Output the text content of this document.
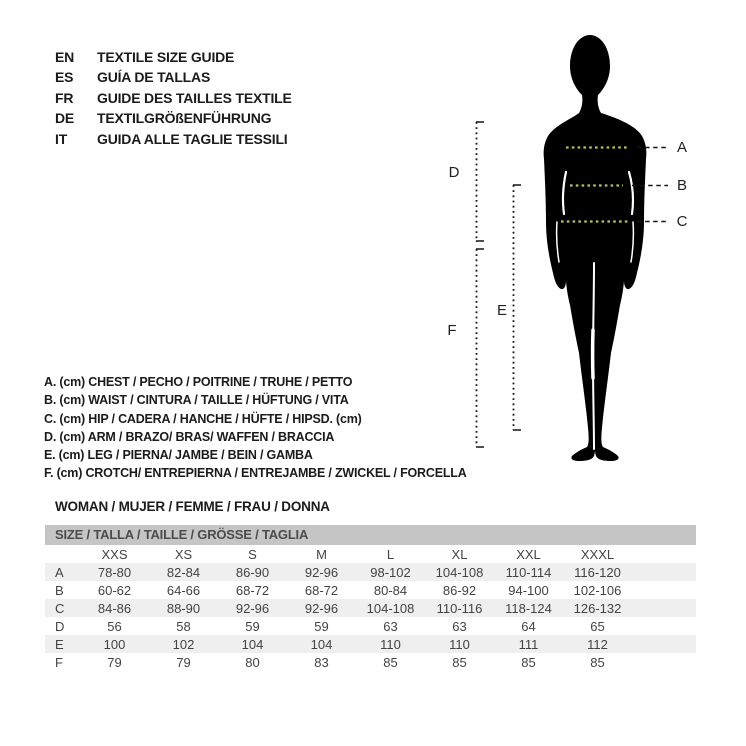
EN	TEXTILE SIZE GUIDE
ES	GUÍA DE TALLAS
FR	GUIDE DES TAILLES TEXTILE
DE	TEXTILGRÖßENFÜHRUNG
IT	GUIDA ALLE TAGLIE TESSILI
A
B
C
D
E
F
A. (cm) CHEST / PECHO / POITRINE / TRUHE / PETTO
B. (cm) WAIST / CINTURA / TAILLE / HÜFTUNG / VITA
C. (cm) HIP / CADERA / HANCHE / HÜFTE / HIPSD. (cm)
D. (cm) ARM / BRAZO/ BRAS/ WAFFEN / BRACCIA
E. (cm) LEG / PIERNA/ JAMBE / BEIN / GAMBA
F. (cm) CROTCH/ ENTREPIERNA / ENTREJAMBE / ZWICKEL / FORCELLA
WOMAN / MUJER / FEMME / FRAU / DONNA
SIZE / TALLA / TAILLE / GRÖSSE / TAGLIA
	XXS	XS	S	M	L	XL	XXL	XXXL	
A	78-80	82-84	86-90	92-96	98-102	104-108	110-114	116-120	
B	60-62	64-66	68-72	68-72	80-84	86-92	94-100	102-106	
C	84-86	88-90	92-96	92-96	104-108	110-116	118-124	126-132	
D	56	58	59	59	63	63	64	65	
E	100	102	104	104	110	110	111	112	
F	79	79	80	83	85	85	85	85	
